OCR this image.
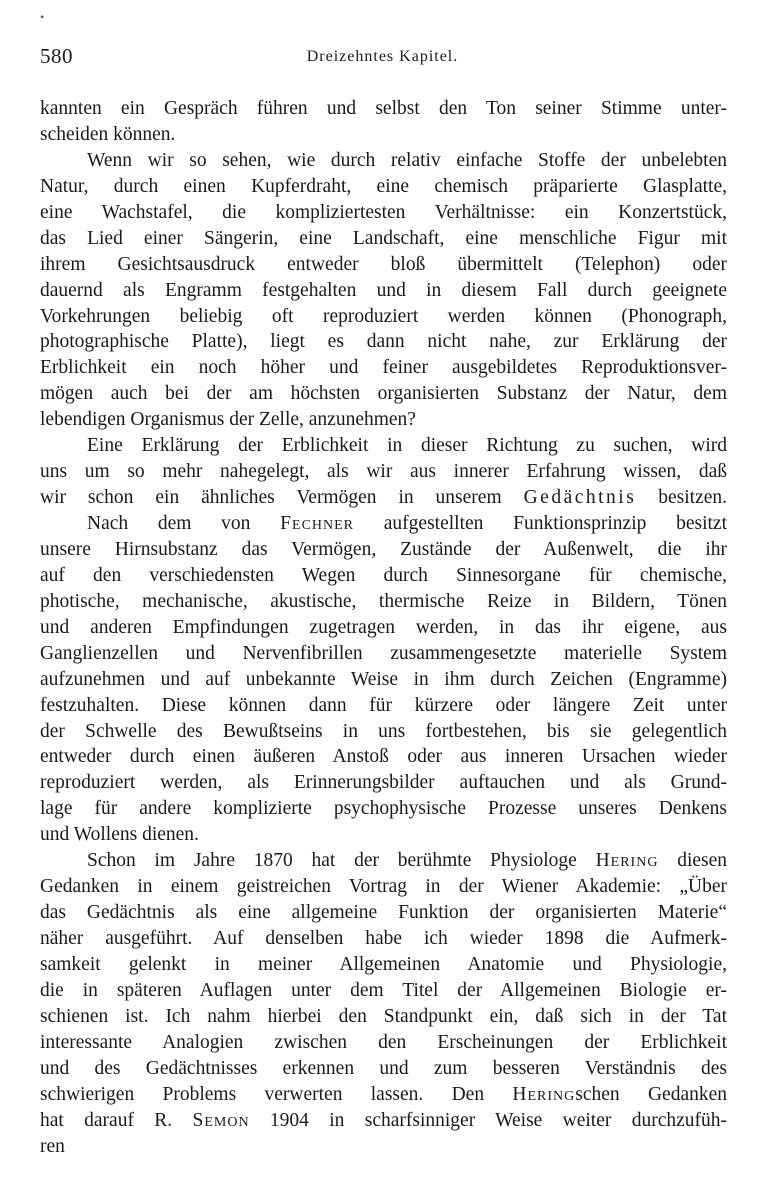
•
580	Dreizehntes Kapitel.
kannten ein Gespräch führen und selbst den Ton seiner Stimme unter-
scheiden können.
Wenn wir so sehen, wie durch relativ einfache Stoffe der unbelebten
Natur, durch einen Kupferdraht, eine chemisch präparierte Glasplatte,
eine Wachstafel, die kompliziertesten Verhältnisse: ein Konzertstück,
das Lied einer Sängerin, eine Landschaft, eine menschliche Figur mit
ihrem Gesichtsausdruck entweder bloß übermittelt (Telephon) oder
dauernd als Engramm festgehalten und in diesem Fall durch geeignete
Vorkehrungen beliebig oft reproduziert werden können (Phonograph,
photographische Platte), liegt es dann nicht nahe, zur Erklärung der
Erblichkeit ein noch höher und feiner ausgebildetes Reproduktionsver-
mögen auch bei der am höchsten organisierten Substanz der Natur, dem
lebendigen Organismus der Zelle, anzunehmen?
Eine Erklärung der Erblichkeit in dieser Richtung zu suchen, wird
uns um so mehr nahegelegt, als wir aus innerer Erfahrung wissen, daß
wir schon ein ähnliches Vermögen in unserem Gedächtnis besitzen.
Nach dem von Fechner aufgestellten Funktionsprinzip besitzt
unsere Hirnsubstanz das Vermögen, Zustände der Außenwelt, die ihr
auf den verschiedensten Wegen durch Sinnesorgane für chemische,
photische, mechanische, akustische, thermische Reize in Bildern, Tönen
und anderen Empfindungen zugetragen werden, in das ihr eigene, aus
Ganglienzellen und Nervenfibrillen zusammengesetzte materielle System
aufzunehmen und auf unbekannte Weise in ihm durch Zeichen (Engramme)
festzuhalten. Diese können dann für kürzere oder längere Zeit unter
der Schwelle des Bewußtseins in uns fortbestehen, bis sie gelegentlich
entweder durch einen äußeren Anstoß oder aus inneren Ursachen wieder
reproduziert werden, als Erinnerungsbilder auftauchen und als Grund-
lage für andere komplizierte psychophysische Prozesse unseres Denkens
und Wollens dienen.
Schon im Jahre 1870 hat der berühmte Physiologe Hering diesen
Gedanken in einem geistreichen Vortrag in der Wiener Akademie: „Über
das Gedächtnis als eine allgemeine Funktion der organisierten Materie“
näher ausgeführt. Auf denselben habe ich wieder 1898 die Aufmerk-
samkeit gelenkt in meiner Allgemeinen Anatomie und Physiologie,
die in späteren Auflagen unter dem Titel der Allgemeinen Biologie er-
schienen ist. Ich nahm hierbei den Standpunkt ein, daß sich in der Tat
interessante Analogien zwischen den Erscheinungen der Erblichkeit
und des Gedächtnisses erkennen und zum besseren Verständnis des
schwierigen Problems verwerten lassen. Den Heringschen Gedanken
hat darauf R. Semon 1904 in scharfsinniger Weise weiter durchzufüh-
ren
